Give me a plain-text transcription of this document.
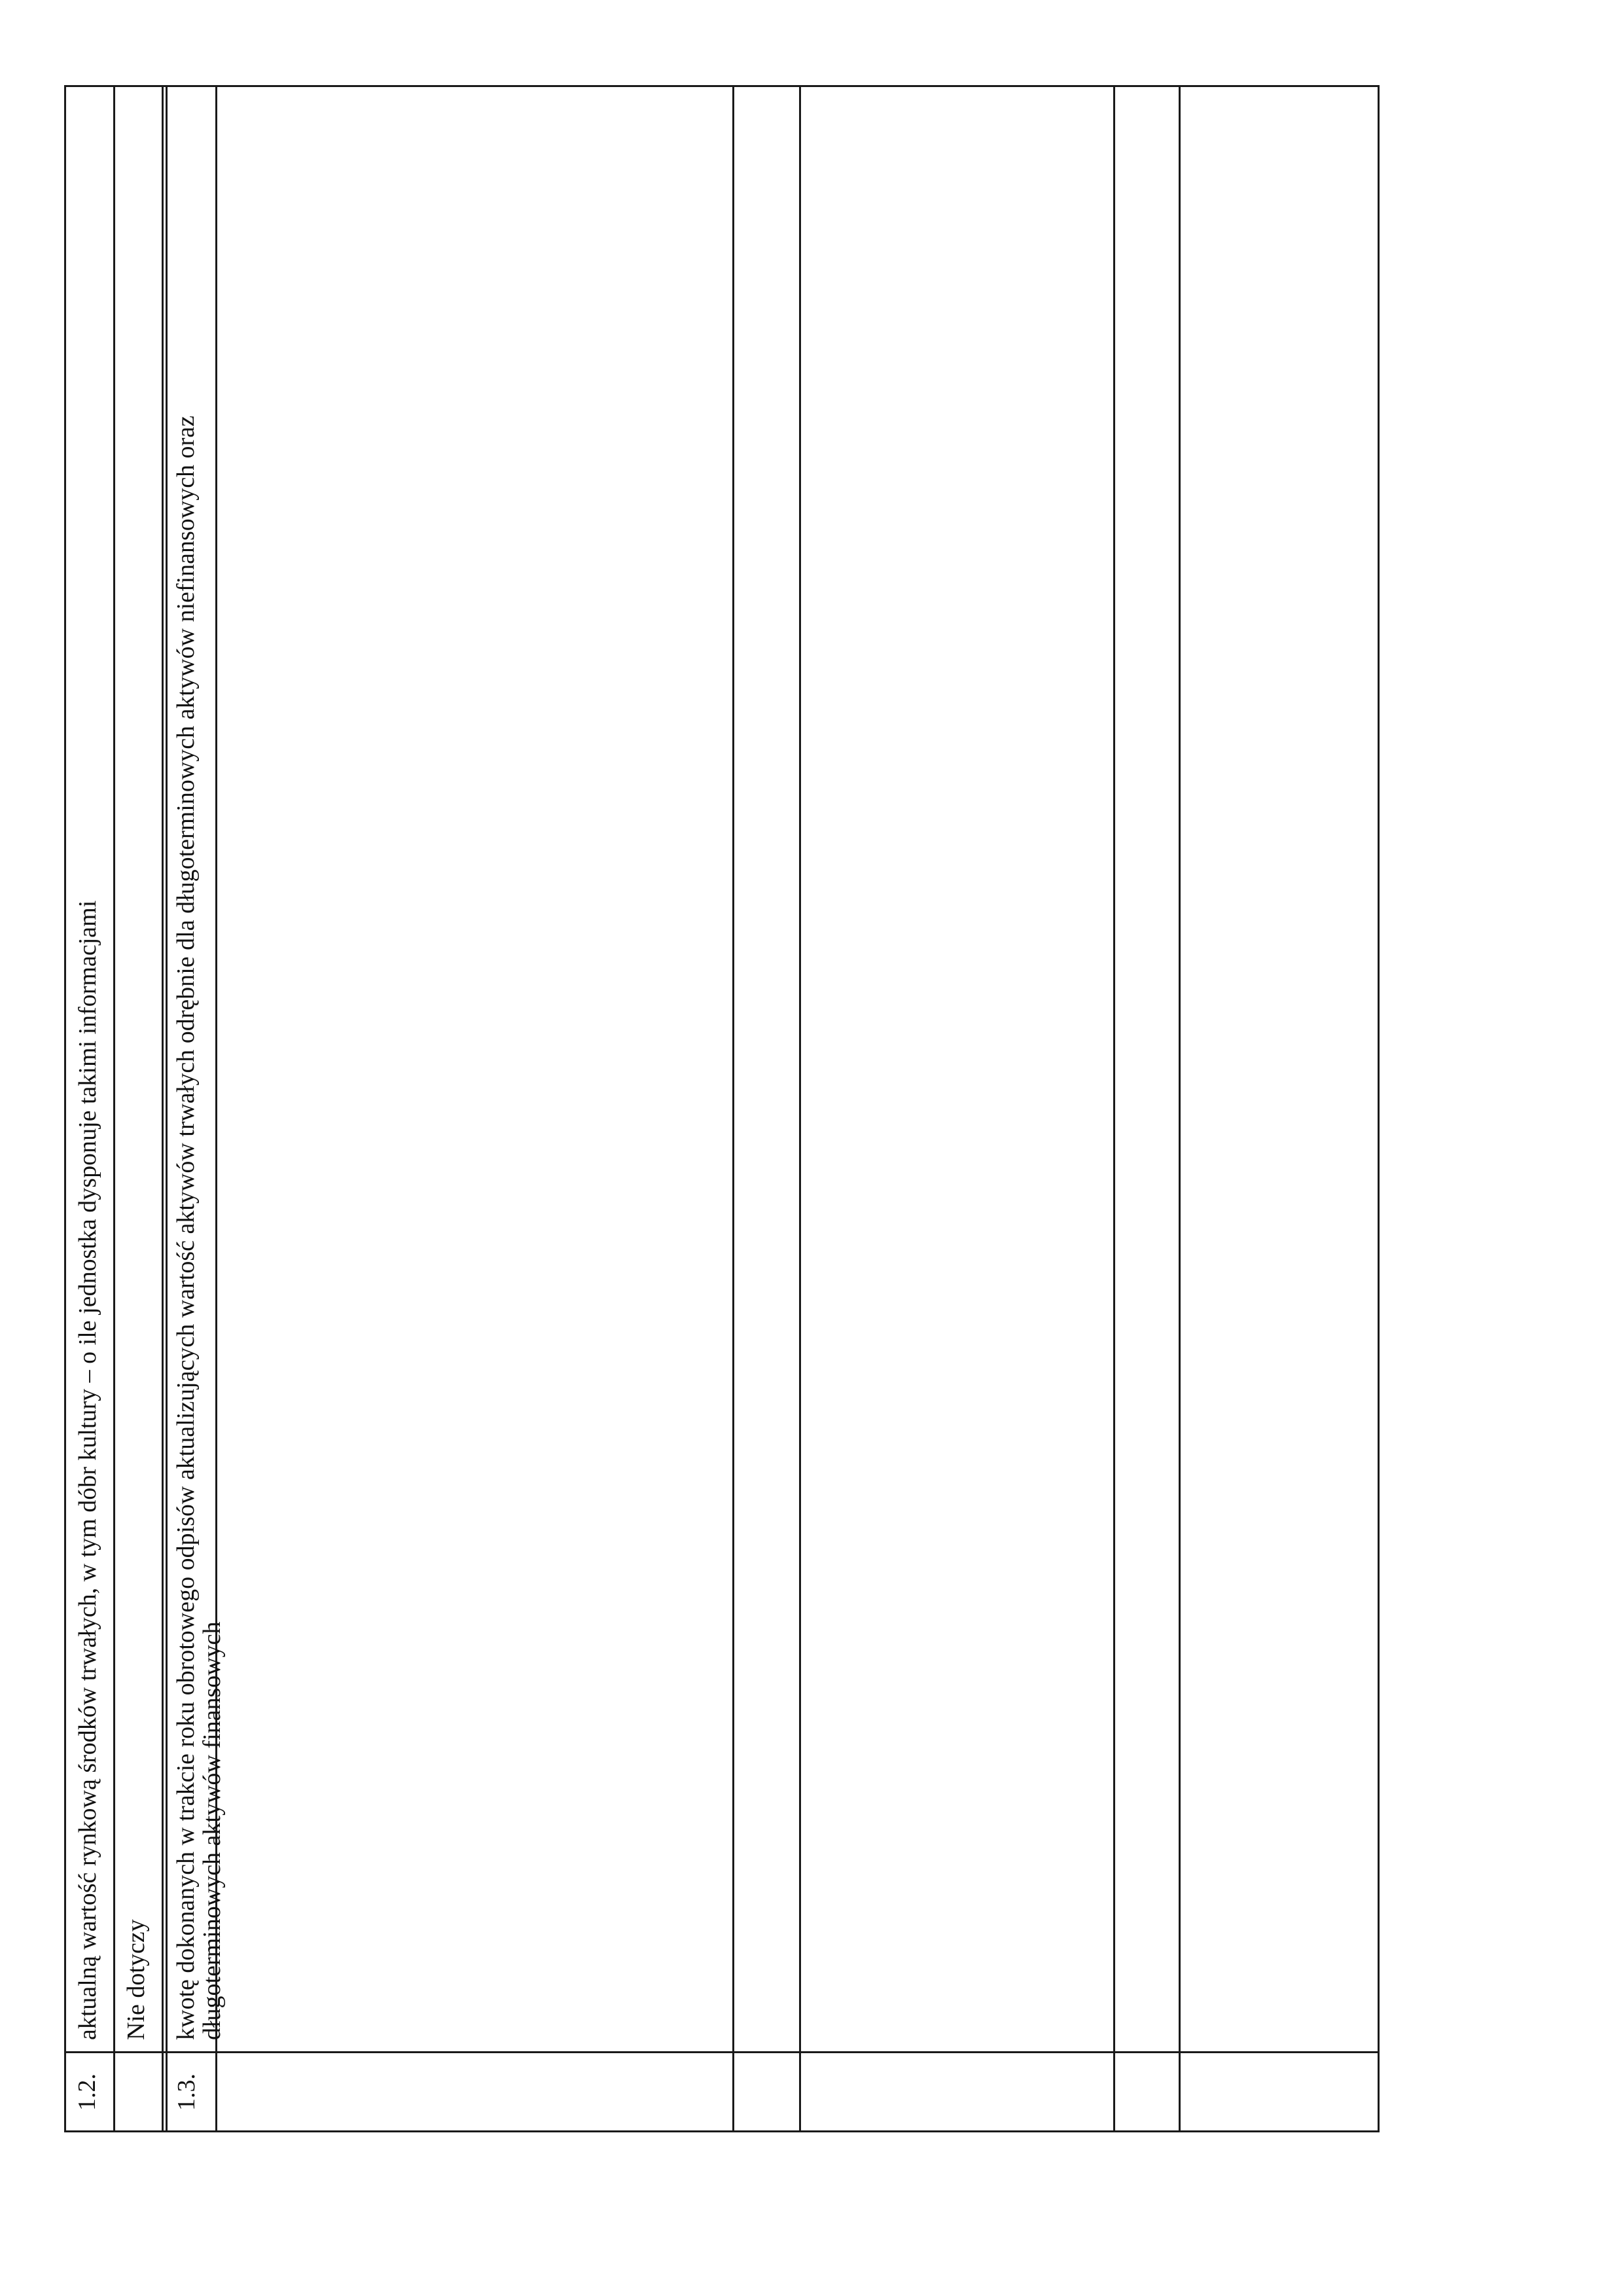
1.2.
aktualną wartość rynkową środków trwałych, w tym dóbr kultury – o ile jednostka dysponuje takimi informacjami Nie dotyczy
1.3.
kwotę dokonanych w trakcie roku obrotowego odpisów aktualizujących wartość aktywów trwałych odrębnie dla długoterminowych aktywów niefinansowych oraz
długoterminowych aktywów finansowych
